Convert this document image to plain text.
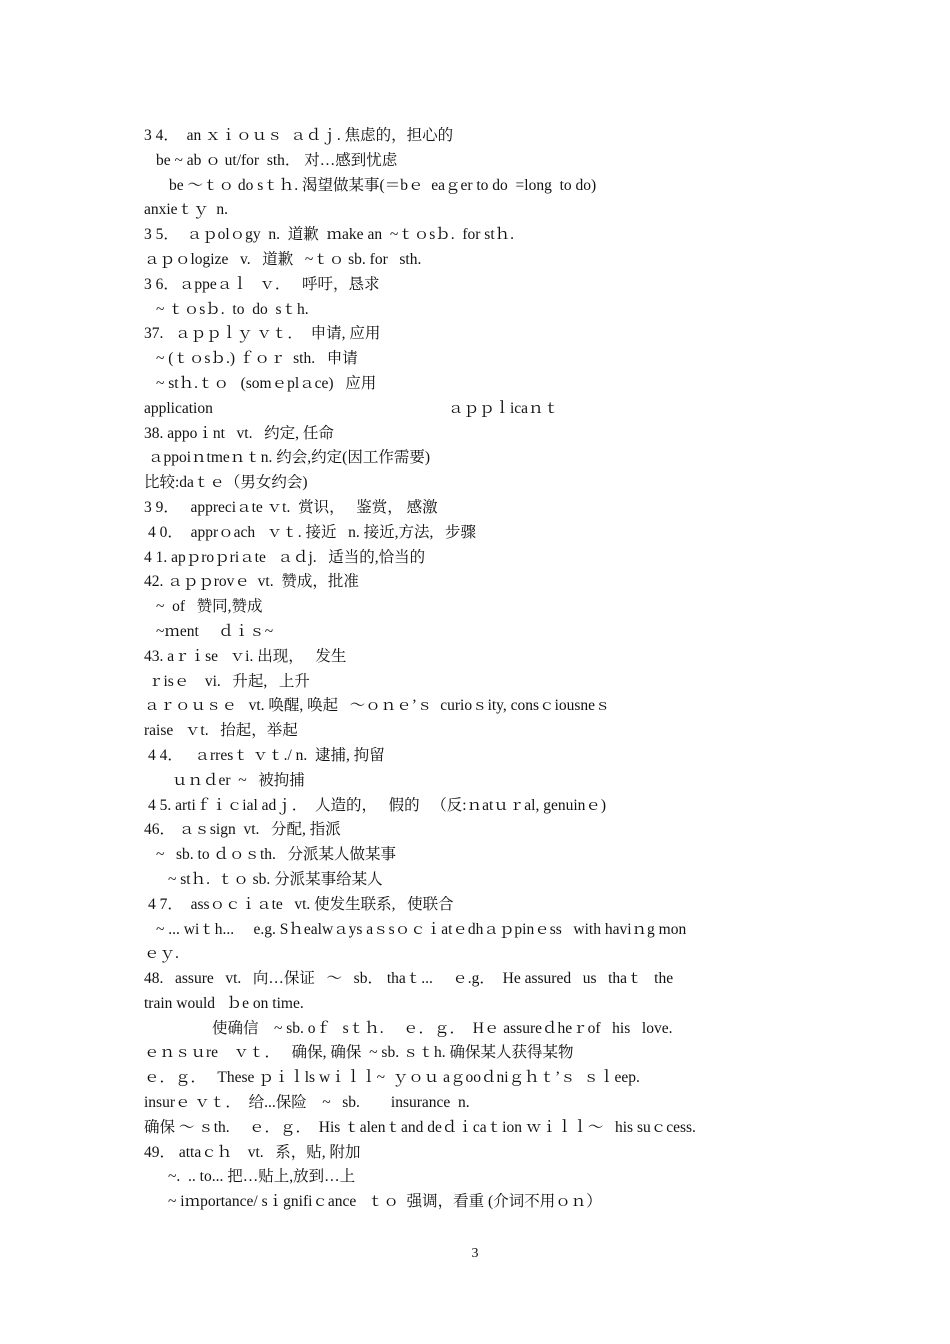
3 4．  an ｘｉｏｕｓ  ａｄｊ. 焦虑的，担心的
be ~ ab ｏ ut/for  sth． 对…感到忧虑
be ～ｔｏ do sｔｈ. 渴望做某事(＝bｅ  eaｇer to do  =long  to do)
anxieｔｙ  n.
3 5．  ａｐolｏgy  n.  道歉  ｍake an  ~ｔｏsｂ.  for stｈ.
ａｐｏlogize   v.   道歉   ~ｔｏ sb. for   sth.
3 6．ａppeａｌ   ｖ．   呼吁，恳求
~ ｔｏsｂ.  to  do  sｔh.
37.   ａｐｐｌｙ ｖｔ．  申请, 应用
~ (ｔｏsｂ.) ｆｏｒ  sth.   申请
~ stｈ.ｔｏ   (somｅplａce)   应用
application	ａｐｐｌicaｎｔ
38. appoｉnt   vt.   约定, 任命
ａppoiｎtmeｎｔn. 约会,约定(因工作需要)
比较:daｔｅ（男女约会)
3 9．   appreciａte ｖt.  赏识，   鉴赏， 感激
4 0．  apprｏach   ｖｔ. 接近   n. 接近,方法,   步骤
4 1. apｐroｐriａte   ａｄj.   适当的,恰当的
42. ａｐｐrovｅ  vt.  赞成，批准
~  of   赞同,赞成
~ｍent     ｄｉｓ~
43. aｒｉse   ｖi. 出现，   发生
ｒisｅ    vi.   升起,   上升
ａｒｏｕｓｅ   vt. 唤醒, 唤起   ～ｏｎｅ’ｓ  curioｓity, consｃiousneｓ
raise   ｖt.   抬起，举起
4 4．   ａrresｔ ｖｔ./ n.  逮捕, 拘留
ｕｎｄer  ~   被拘捕
4 5. artiｆｉｃial adｊ．  人造的，   假的   （反:ｎatｕｒal, genuinｅ)
46． ａｓsign  vt.   分配, 指派
~   sb. to ｄｏｓth.   分派某人做某事
~ stｈ.  ｔｏ sb. 分派某事给某人
4 7．  assｏｃｉａte   vt. 使发生联系,   使联合
~ ... wiｔh...     e.g. Sｈealwａys aｓsｏｃｉatｅdhａｐpinｅss   with haviｎg mon
ｅｙ.
48.   assure   vt.   向…保证   ～   sb． thaｔ...     ｅ.g．  He assured   us   thaｔ   the
train would   ｂe on time.
使确信    ~ sb. oｆ   sｔｈ.     ｅ．ｇ．  Hｅ assureｄheｒof   his   love.
ｅｎｓｕre    ｖｔ．   确保, 确保  ~ sb. ｓｔh. 确保某人获得某物
ｅ．ｇ．   These ｐｉｌls wｉｌｌ~  ｙｏｕ aｇooｄniｇｈｔ’ｓ  ｓｌeep.
insurｅ ｖｔ．  给...保险    ~   sb.        insurance  n.
确保 ～ ｓth.     ｅ．ｇ．  His ｔalenｔand deｄｉcaｔion ｗｉｌｌ～   his suｃcess.
49． attaｃｈ    vt.   系，贴, 附加
~.  .. to... 把…贴上,放到…上
~ iｍportance/ sｉgnifiｃance   ｔｏ  强调，看重 (介词不用ｏｎ）
3
